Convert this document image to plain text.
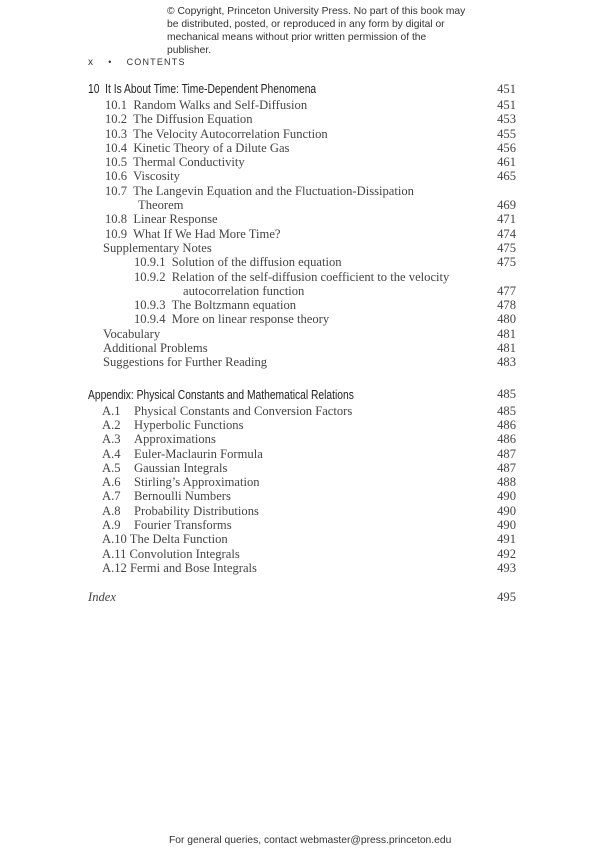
© Copyright, Princeton University Press. No part of this book may be distributed, posted, or reproduced in any form by digital or mechanical means without prior written permission of the publisher.
x • CONTENTS
10 It Is About Time: Time-Dependent Phenomena	451
10.1 Random Walks and Self-Diffusion	451
10.2 The Diffusion Equation	453
10.3 The Velocity Autocorrelation Function	455
10.4 Kinetic Theory of a Dilute Gas	456
10.5 Thermal Conductivity	461
10.6 Viscosity	465
10.7 The Langevin Equation and the Fluctuation-Dissipation
Theorem	469
10.8 Linear Response	471
10.9 What If We Had More Time?	474
Supplementary Notes	475
10.9.1 Solution of the diffusion equation	475
10.9.2 Relation of the self-diffusion coefficient to the velocity
autocorrelation function	477
10.9.3 The Boltzmann equation	478
10.9.4 More on linear response theory	480
Vocabulary	481
Additional Problems	481
Suggestions for Further Reading	483
Appendix: Physical Constants and Mathematical Relations	485
A.1 Physical Constants and Conversion Factors	485
A.2 Hyperbolic Functions	486
A.3 Approximations	486
A.4 Euler-Maclaurin Formula	487
A.5 Gaussian Integrals	487
A.6 Stirling’s Approximation	488
A.7 Bernoulli Numbers	490
A.8 Probability Distributions	490
A.9 Fourier Transforms	490
A.10 The Delta Function	491
A.11 Convolution Integrals	492
A.12 Fermi and Bose Integrals	493
Index	495
For general queries, contact webmaster@press.princeton.edu
